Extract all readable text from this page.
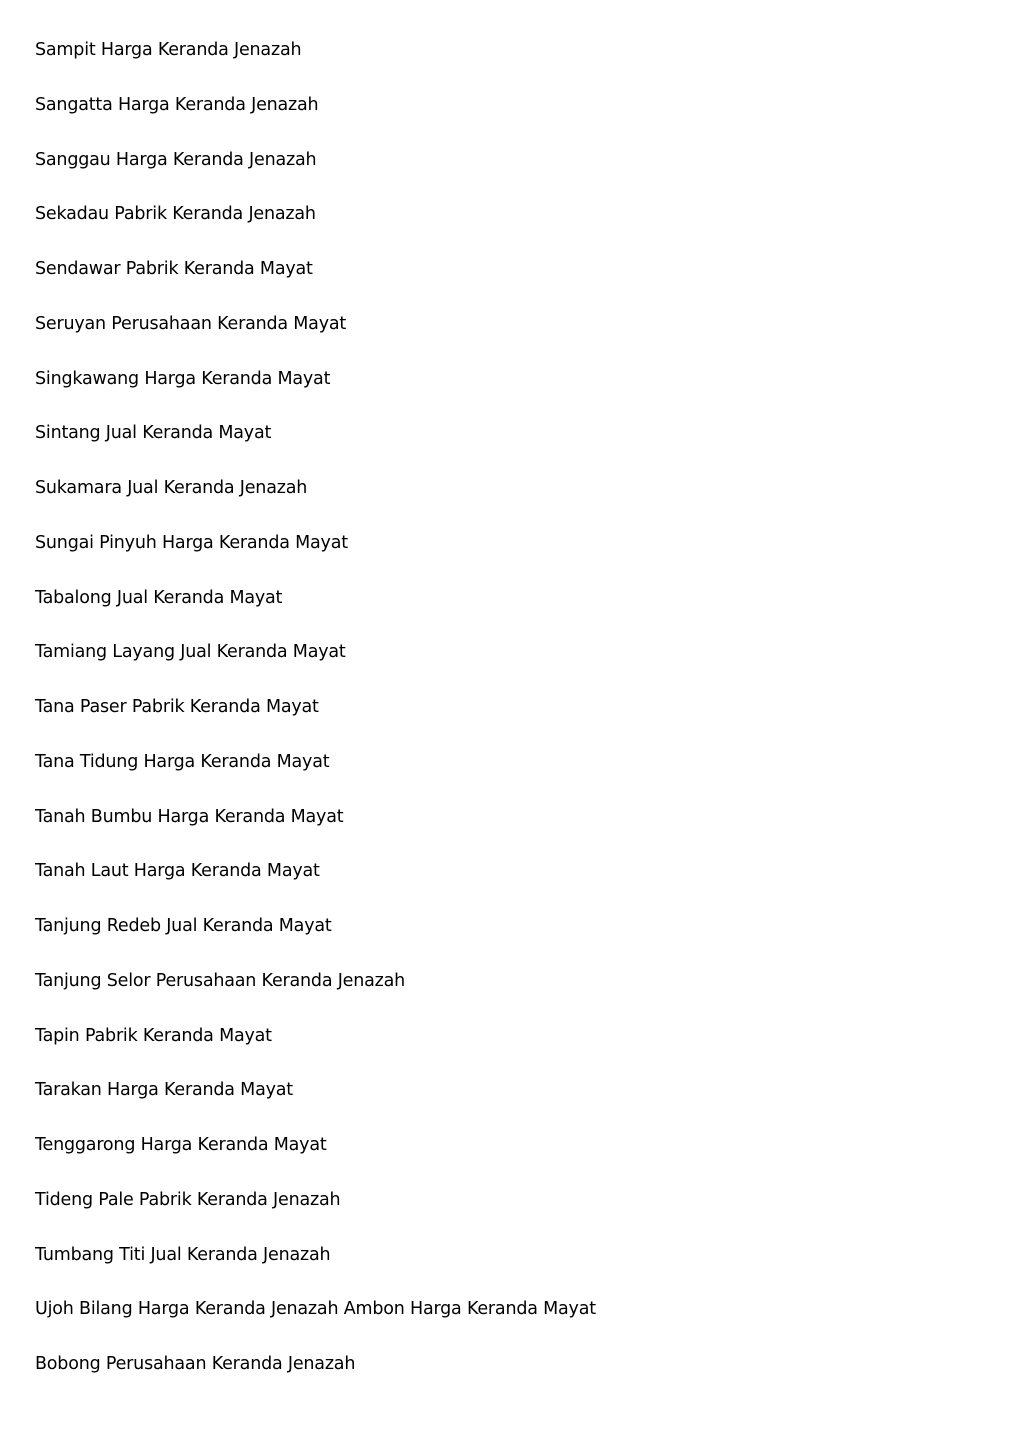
Sampit Harga Keranda Jenazah
Sangatta Harga Keranda Jenazah
Sanggau Harga Keranda Jenazah
Sekadau Pabrik Keranda Jenazah
Sendawar Pabrik Keranda Mayat
Seruyan Perusahaan Keranda Mayat
Singkawang Harga Keranda Mayat
Sintang Jual Keranda Mayat
Sukamara Jual Keranda Jenazah
Sungai Pinyuh Harga Keranda Mayat
Tabalong Jual Keranda Mayat
Tamiang Layang Jual Keranda Mayat
Tana Paser Pabrik Keranda Mayat
Tana Tidung Harga Keranda Mayat
Tanah Bumbu Harga Keranda Mayat
Tanah Laut Harga Keranda Mayat
Tanjung Redeb Jual Keranda Mayat
Tanjung Selor Perusahaan Keranda Jenazah
Tapin Pabrik Keranda Mayat
Tarakan Harga Keranda Mayat
Tenggarong Harga Keranda Mayat
Tideng Pale Pabrik Keranda Jenazah
Tumbang Titi Jual Keranda Jenazah
Ujoh Bilang Harga Keranda Jenazah Ambon Harga Keranda Mayat
Bobong Perusahaan Keranda Jenazah
